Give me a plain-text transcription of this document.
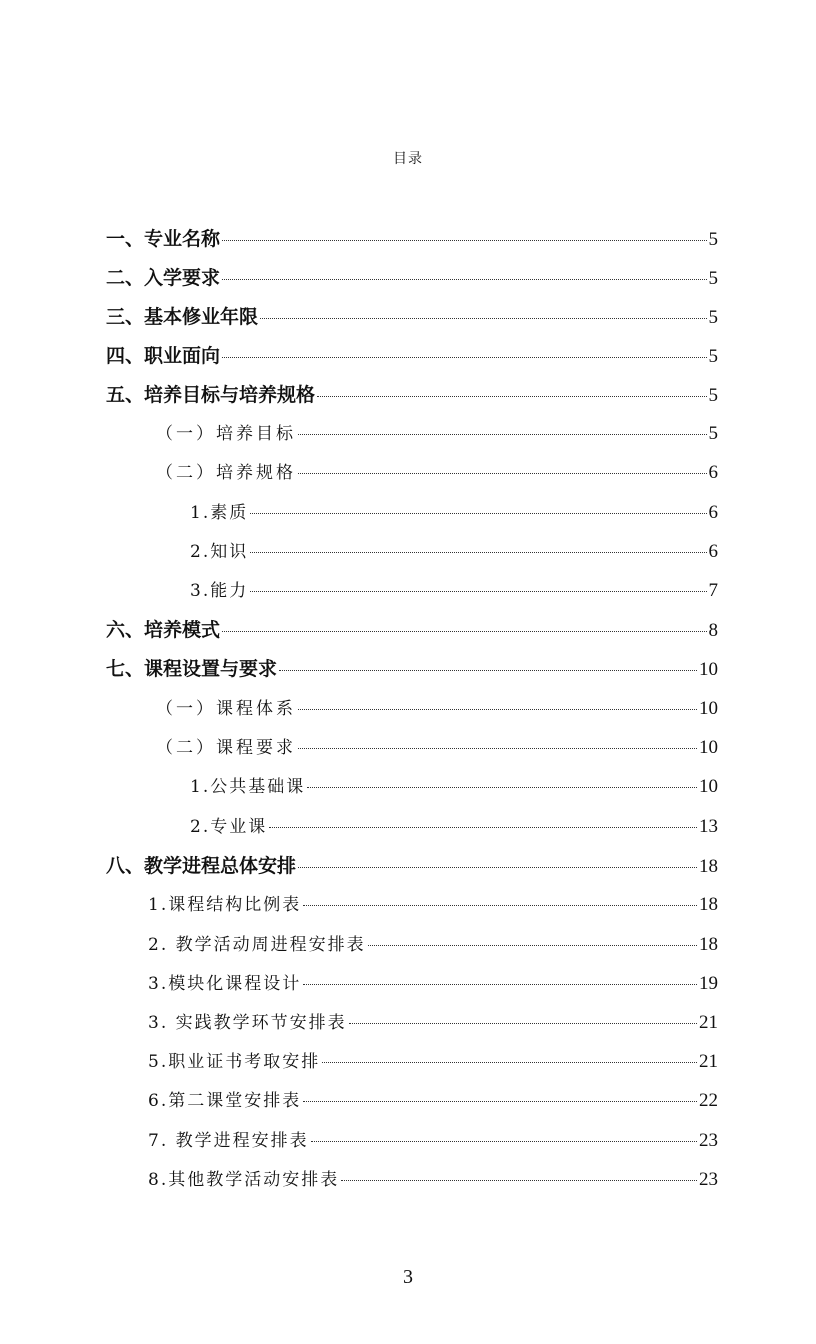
目录
一、专业名称	5
二、入学要求	5
三、基本修业年限	5
四、职业面向	5
五、培养目标与培养规格	5
（一）培养目标	5
（二）培养规格	6
1.素质	6
2.知识	6
3.能力	7
六、培养模式	8
七、课程设置与要求	10
（一）课程体系	10
（二）课程要求	10
1.公共基础课	10
2.专业课	13
八、教学进程总体安排	18
1.课程结构比例表	18
2. 教学活动周进程安排表	18
3.模块化课程设计	19
3. 实践教学环节安排表	21
5.职业证书考取安排	21
6.第二课堂安排表	22
7. 教学进程安排表	23
8.其他教学活动安排表	23
3
